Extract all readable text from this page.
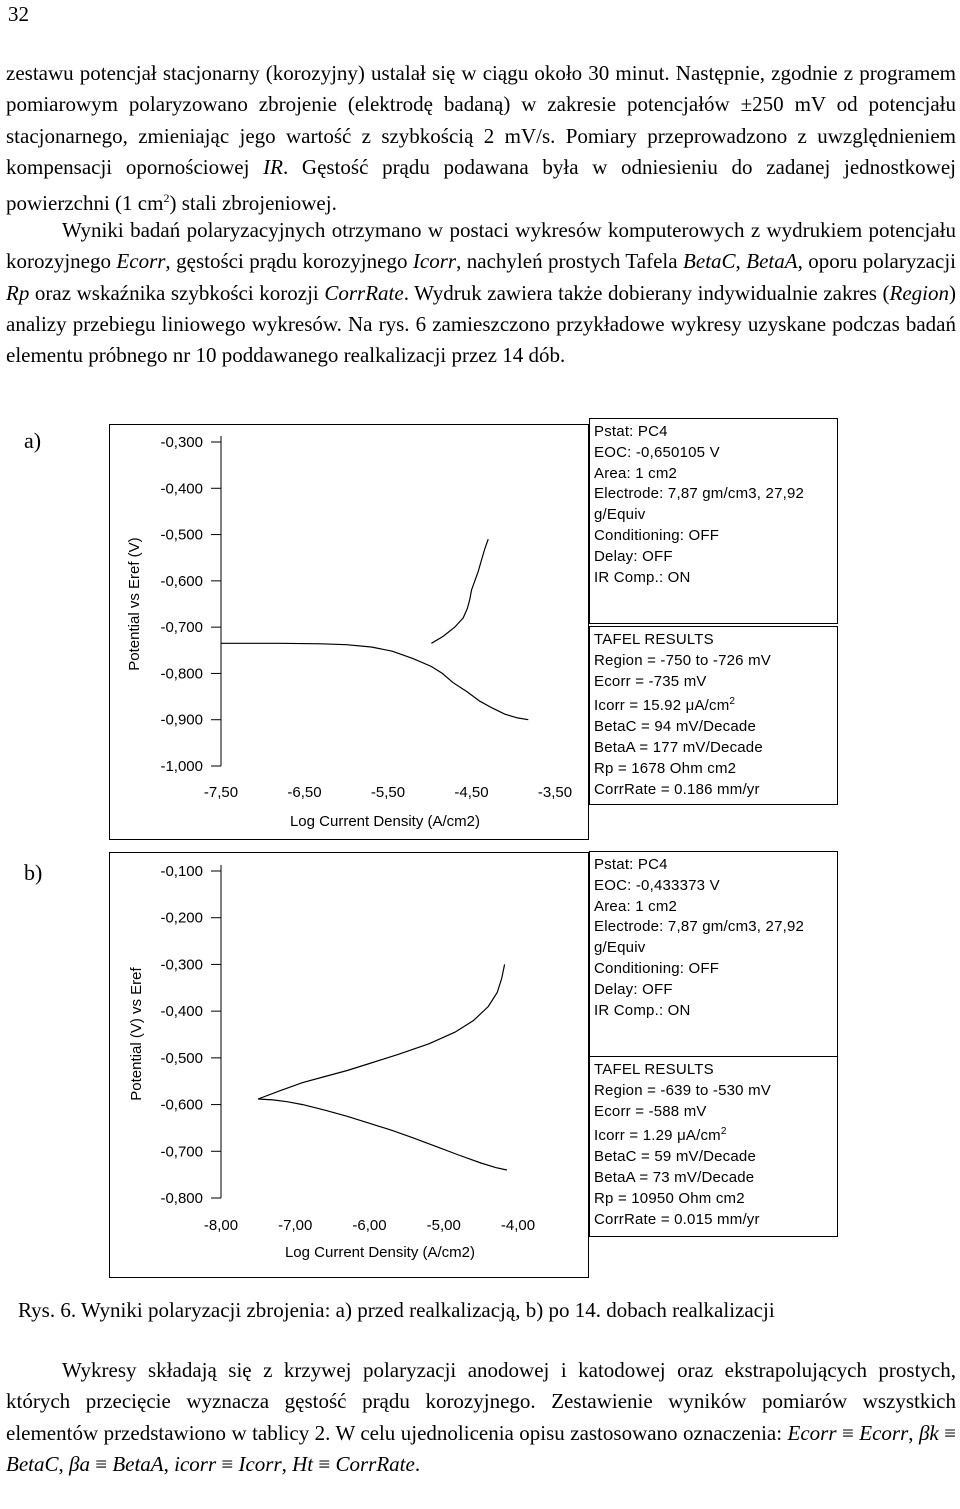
32
zestawu potencjał stacjonarny (korozyjny) ustalał się w ciągu około 30 minut. Następnie, zgodnie z programem pomiarowym polaryzowano zbrojenie (elektrodę badaną) w zakresie potencjałów ±250 mV od potencjału stacjonarnego, zmieniając jego wartość z szybkością 2 mV/s. Pomiary przeprowadzono z uwzględnieniem kompensacji opornościowej IR. Gęstość prądu podawana była w odniesieniu do zadanej jednostkowej powierzchni (1 $cm^2$) stali zbrojeniowej.
Wyniki badań polaryzacyjnych otrzymano w postaci wykresów komputerowych z wydrukiem potencjału korozyjnego Ecorr, gęstości prądu korozyjnego Icorr, nachyleń prostych Tafela BetaC, BetaA, oporu polaryzacji Rp oraz wskaźnika szybkości korozji CorrRate. Wydruk zawiera także dobierany indywidualnie zakres (Region) analizy przebiegu liniowego wykresów. Na rys. 6 zamieszczono przykładowe wykresy uzyskane podczas badań elementu próbnego nr 10 poddawanego realkalizacji przez 14 dób.
a)	-0,300
-0,400
-0,500
-0,600
-0,700
-0,800
-0,900
-1,000
-7,50	-6,50	-5,50	-4,50	-3,50
Log Current Density (A/cm2)
Potential vs Eref (V)
Pstat: PC4
EOC: -0,650105 V
Area: 1 cm2
Electrode: 7,87 gm/cm3, 27,92
g/Equiv
Conditioning: OFF
Delay: OFF
IR Comp.: ON
TAFEL RESULTS
Region = -750 to -726 mV
Ecorr = -735 mV
Icorr = 15.92 $\mu A/cm^2$
BetaC = 94 mV/Decade
BetaA = 177 mV/Decade
Rp = 1678 Ohm cm2
CorrRate = 0.186 mm/yr
b)	-0,100
-0,200
-0,300
-0,400
-0,500
-0,600
-0,700
-0,800
-8,00	-7,00	-6,00	-5,00	-4,00
Log Current Density (A/cm2)
Potential (V) vs Eref
Pstat: PC4
EOC: -0,433373 V
Area: 1 cm2
Electrode: 7,87 gm/cm3, 27,92
g/Equiv
Conditioning: OFF
Delay: OFF
IR Comp.: ON
TAFEL RESULTS
Region = -639 to -530 mV
Ecorr = -588 mV
Icorr = 1.29 $\mu A/cm^2$
BetaC = 59 mV/Decade
BetaA = 73 mV/Decade
Rp = 10950 Ohm cm2
CorrRate = 0.015 mm/yr
Rys. 6. Wyniki polaryzacji zbrojenia: a) przed realkalizacją, b) po 14. dobach realkalizacji
Wykresy składają się z krzywej polaryzacji anodowej i katodowej oraz ekstrapolujących prostych, których przecięcie wyznacza gęstość prądu korozyjnego. Zestawienie wyników pomiarów wszystkich elementów przedstawiono w tablicy 2. W celu ujednolicenia opisu zastosowano oznaczenia: Ecorr ≡ Ecorr, βk ≡ BetaC, βa ≡ BetaA, icorr ≡ Icorr, Ht ≡ CorrRate.
